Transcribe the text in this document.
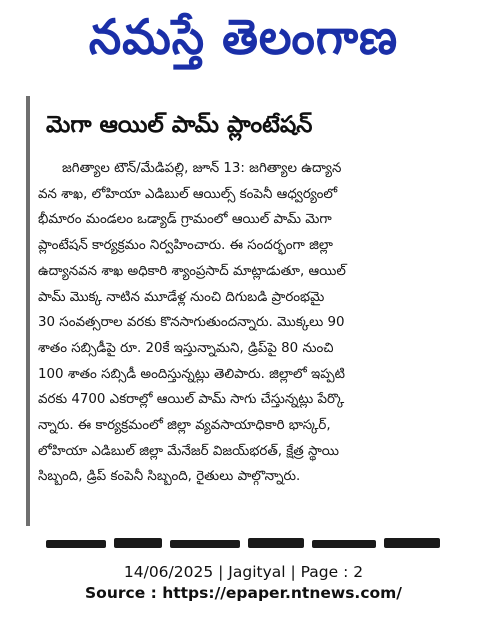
నమస్తే తెలంగాణ
మెగా ఆయిల్ పామ్ ప్లాంటేషన్
జగిత్యాల టౌన్/మేడిపల్లి, జూన్ 13: జగిత్యాల ఉద్యాన
వన శాఖ, లోహియా ఎడిబుల్ ఆయిల్స్ కంపెనీ ఆధ్వర్యంలో
భీమారం మండలం ఒడ్యాడ్ గ్రామంలో ఆయిల్ పామ్ మెగా
ప్లాంటేషన్ కార్యక్రమం నిర్వహించారు. ఈ సందర్భంగా జిల్లా
ఉద్యానవన శాఖ అధికారి శ్యాంప్రసాద్ మాట్లాడుతూ, ఆయిల్
పామ్ మొక్క నాటిన మూడేళ్ల నుంచి దిగుబడి ప్రారంభమై
30 సంవత్సరాల వరకు కొనసాగుతుందన్నారు. మొక్కలు 90
శాతం సబ్సిడీపై రూ. 20కే ఇస్తున్నామని, డ్రిప్‌పై 80 నుంచి
100 శాతం సబ్సిడీ అందిస్తున్నట్లు తెలిపారు. జిల్లాలో ఇప్పటి
వరకు 4700 ఎకరాల్లో ఆయిల్ పామ్ సాగు చేస్తున్నట్లు పేర్కొ
న్నారు. ఈ కార్యక్రమంలో జిల్లా వ్యవసాయాధికారి భాస్కర్,
లోహియా ఎడిబుల్ జిల్లా మేనేజర్ విజయ్‌భరత్, క్షేత్ర స్థాయి
సిబ్బంది, డ్రిప్ కంపెనీ సిబ్బంది, రైతులు పాల్గొన్నారు.
14/06/2025 | Jagityal | Page : 2
Source : https://epaper.ntnews.com/
